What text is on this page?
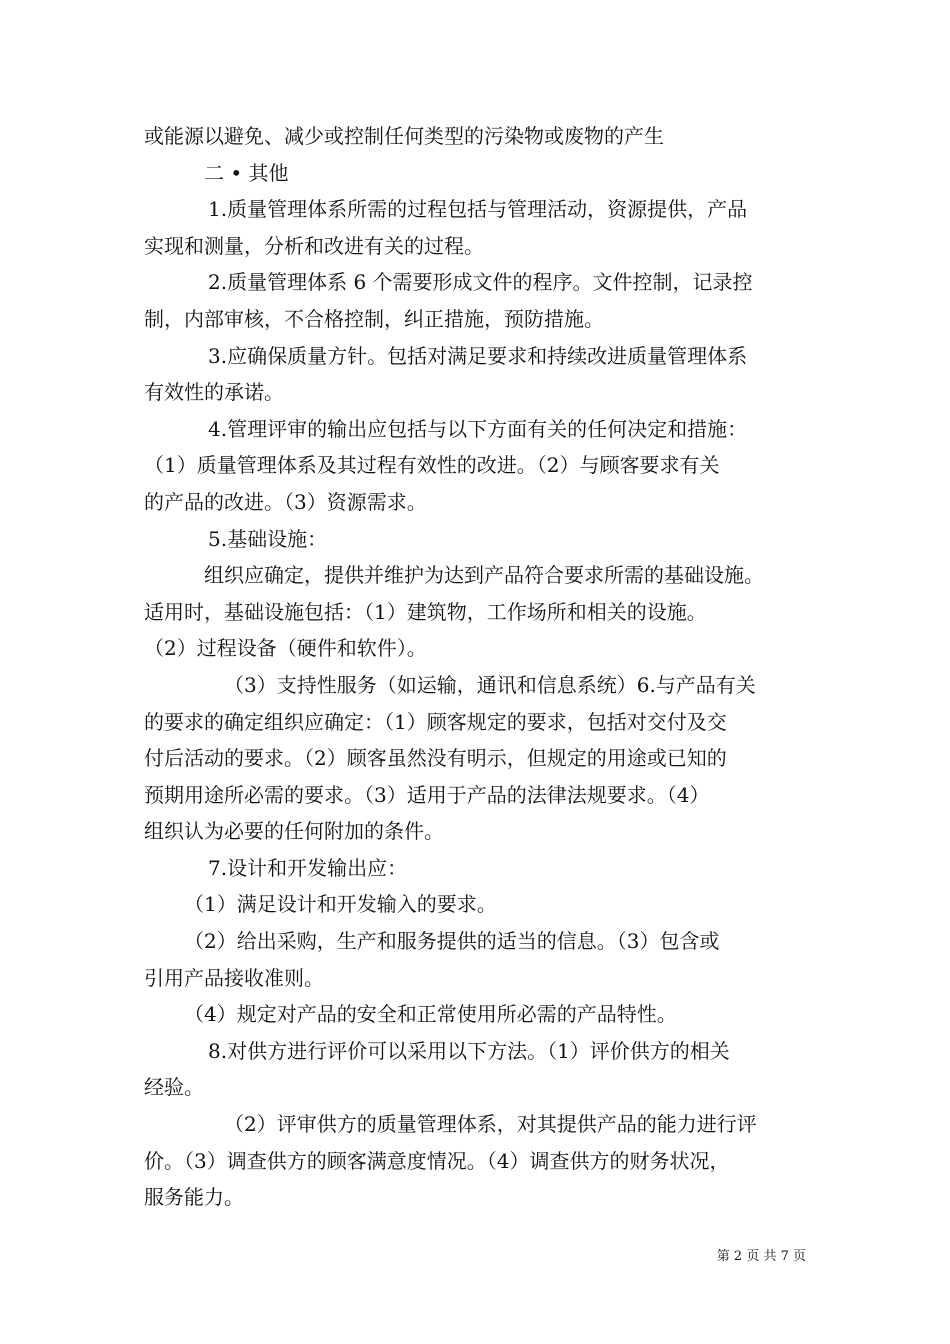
或能源以避免、减少或控制任何类型的污染物或废物的产生

二 • 其他

1.质量管理体系所需的过程包括与管理活动，资源提供，产品

实现和测量，分析和改进有关的过程。

2.质量管理体系 6 个需要形成文件的程序。文件控制，记录控

制，内部审核，不合格控制，纠正措施，预防措施。

3.应确保质量方针。包括对满足要求和持续改进质量管理体系

有效性的承诺。

4.管理评审的输出应包括与以下方面有关的任何决定和措施：

（1）质量管理体系及其过程有效性的改进。（2）与顾客要求有关

的产品的改进。（3）资源需求。

5.基础设施：

组织应确定，提供并维护为达到产品符合要求所需的基础设施。

适用时，基础设施包括：（1）建筑物，工作场所和相关的设施。

（2）过程设备（硬件和软件）。

（3）支持性服务（如运输，通讯和信息系统）6.与产品有关

的要求的确定组织应确定：（1）顾客规定的要求，包括对交付及交

付后活动的要求。（2）顾客虽然没有明示，但规定的用途或已知的

预期用途所必需的要求。（3）适用于产品的法律法规要求。（4）

组织认为必要的任何附加的条件。

7.设计和开发输出应：

（1）满足设计和开发输入的要求。

（2）给出采购，生产和服务提供的适当的信息。（3）包含或

引用产品接收准则。

（4）规定对产品的安全和正常使用所必需的产品特性。

8.对供方进行评价可以采用以下方法。（1）评价供方的相关

经验。

（2）评审供方的质量管理体系，对其提供产品的能力进行评

价。（3）调查供方的顾客满意度情况。（4）调查供方的财务状况，

服务能力。

第 2 页 共 7 页
